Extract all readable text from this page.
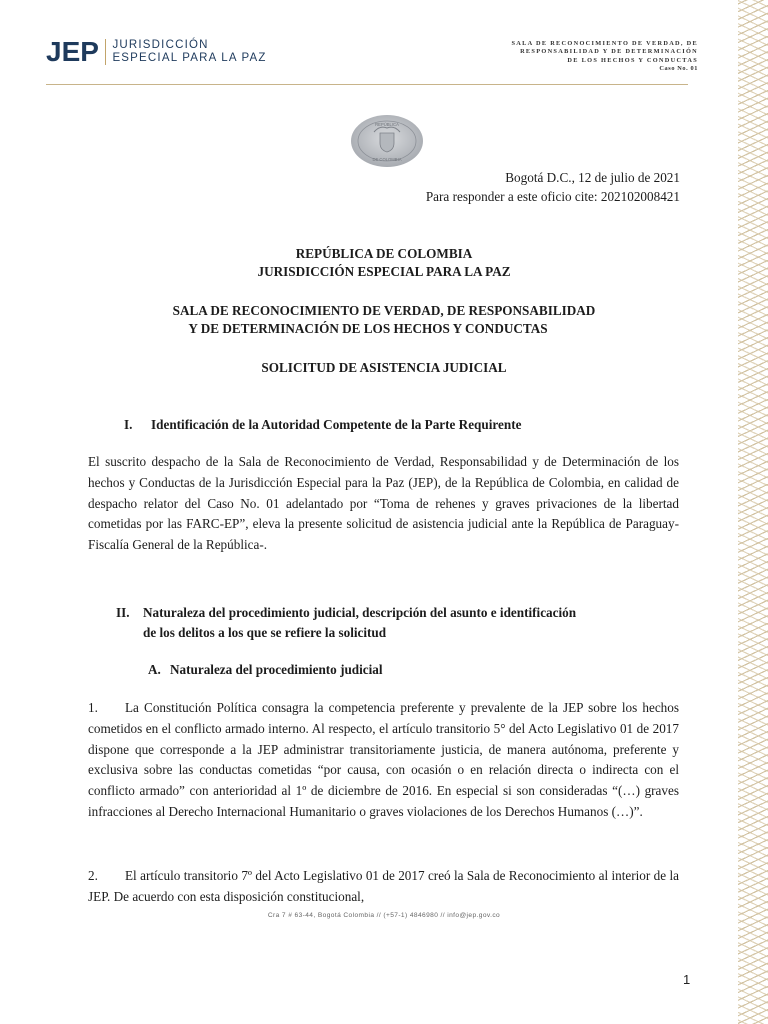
JEP JURISDICCIÓN
ESPECIAL PARA LA PAZ
SALA DE RECONOCIMIENTO DE VERDAD, DE
RESPONSABILIDAD Y DE DETERMINACIÓN
DE LOS HECHOS Y CONDUCTAS
Caso No. 01
REPÚBLICA
DE COLOMBIA
Bogotá D.C., 12 de julio de 2021
Para responder a este oficio cite: 202102008421
REPÚBLICA DE COLOMBIA
JURISDICCIÓN ESPECIAL PARA LA PAZ
SALA DE RECONOCIMIENTO DE VERDAD, DE RESPONSABILIDAD
Y DE DETERMINACIÓN DE LOS HECHOS Y CONDUCTAS
SOLICITUD DE ASISTENCIA JUDICIAL
I. Identificación de la Autoridad Competente de la Parte Requirente
El suscrito despacho de la Sala de Reconocimiento de Verdad, Responsabilidad y de Determinación de los hechos y Conductas de la Jurisdicción Especial para la Paz (JEP), de la República de Colombia, en calidad de despacho relator del Caso No. 01 adelantado por “Toma de rehenes y graves privaciones de la libertad cometidas por las FARC-EP”, eleva la presente solicitud de asistencia judicial ante la República de Paraguay- Fiscalía General de la República-.
II. Naturaleza del procedimiento judicial, descripción del asunto e identificación
de los delitos a los que se refiere la solicitud
A. Naturaleza del procedimiento judicial
1. La Constitución Política consagra la competencia preferente y prevalente de la JEP sobre los hechos cometidos en el conflicto armado interno. Al respecto, el artículo transitorio 5° del Acto Legislativo 01 de 2017 dispone que corresponde a la JEP administrar transitoriamente justicia, de manera autónoma, preferente y exclusiva sobre las conductas cometidas “por causa, con ocasión o en relación directa o indirecta con el conflicto armado” con anterioridad al 1º de diciembre de 2016. En especial si son consideradas “(…) graves infracciones al Derecho Internacional Humanitario o graves violaciones de los Derechos Humanos (…)”.
2. El artículo transitorio 7º del Acto Legislativo 01 de 2017 creó la Sala de Reconocimiento al interior de la JEP. De acuerdo con esta disposición constitucional,
Cra 7 # 63-44, Bogotá Colombia // (+57-1) 4846980 // info@jep.gov.co
1
